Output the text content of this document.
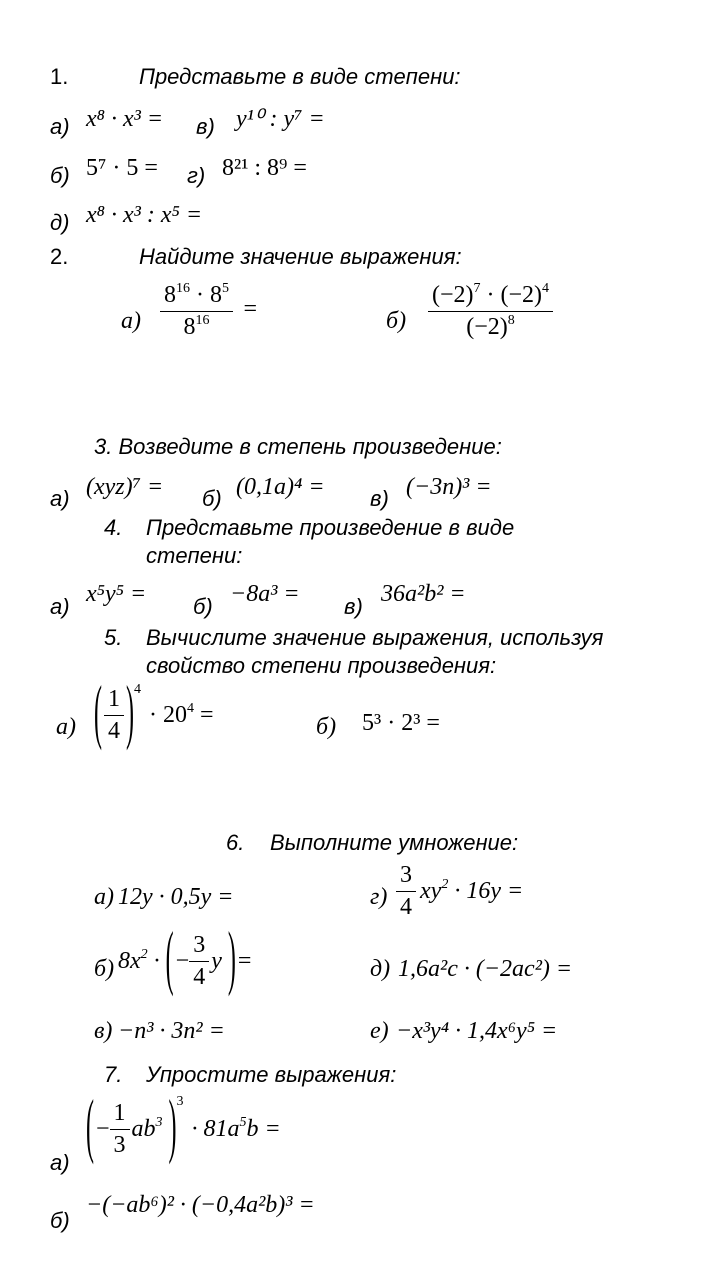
1.	Представьте в виде степени:
а) x⁸ · x³ = в) y¹⁰ : y⁷ =
б) 5⁷ · 5 = г) 8²¹ : 8⁹ =
д) x⁸ · x³ : x⁵ =
2.	Найдите значение выражения:
$а) \frac{8^{16} \cdot 8^5}{8^{16}}$ =	$б) \frac{(-2)^7 \cdot (-2)^4}{(-2)^8}$
3. Возведите в степень произведение:
а) (xyz)⁷ = б) (0,1a)⁴ = в) (−3n)³ =
4. Представьте произведение в виде
степени:
а) x⁵y⁵ = б) −8a³ = в) 36a²b² =
5. Вычислите значение выражения, используя
свойство степени произведения:
а) ( $\frac{1}{4}$ ) 4
· $20^4$ =	б) 5³ · 2³ =
6. Выполните умножение:
а) 12y · 0,5y =	$г) \frac{3}{4} xy^2 \cdot 16y$ =
б) $8x^2$ · ( − $\frac{3}{4}$ y ) =	д) 1,6a²c · (−2ac²) =
в) −n³ · 3n² =	е) −x³y⁴ · 1,4x⁶y⁵ =
7. Упростите выражения:
а) ( − $\frac{1}{3} ab^3$ ) 3
· $81a^5b$ =
б)
−(−ab⁶)² · (−0,4a²b)³ =
